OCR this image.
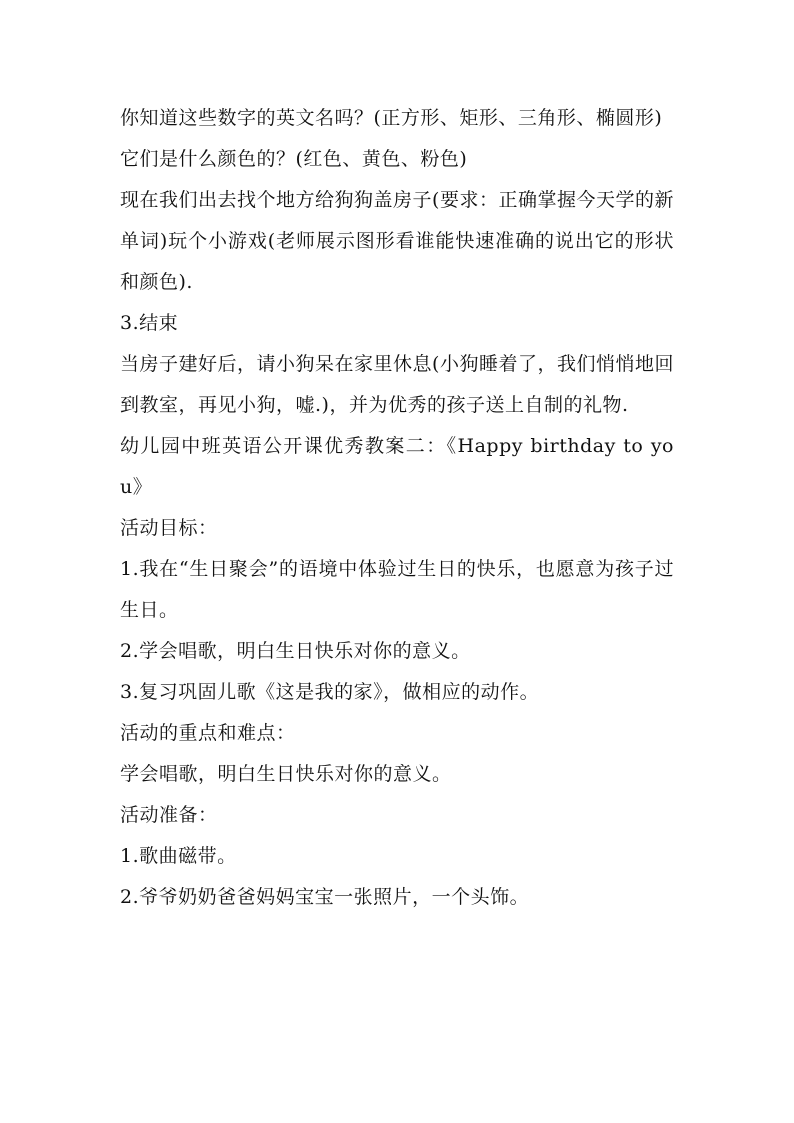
你知道这些数字的英文名吗？(正方形、矩形、三角形、椭圆形)

它们是什么颜色的？(红色、黄色、粉色)

现在我们出去找个地方给狗狗盖房子(要求：正确掌握今天学的新单词)玩个小游戏(老师展示图形看谁能快速准确的说出它的形状和颜色).

3.结束

当房子建好后，请小狗呆在家里休息(小狗睡着了，我们悄悄地回到教室，再见小狗，嘘.)，并为优秀的孩子送上自制的礼物.

幼儿园中班英语公开课优秀教案二：《Happy birthday to you》

活动目标：

1.我在“生日聚会”的语境中体验过生日的快乐，也愿意为孩子过生日。

2.学会唱歌，明白生日快乐对你的意义。

3.复习巩固儿歌《这是我的家》，做相应的动作。

活动的重点和难点：

学会唱歌，明白生日快乐对你的意义。

活动准备：

1.歌曲磁带。

2.爷爷奶奶爸爸妈妈宝宝一张照片，一个头饰。
